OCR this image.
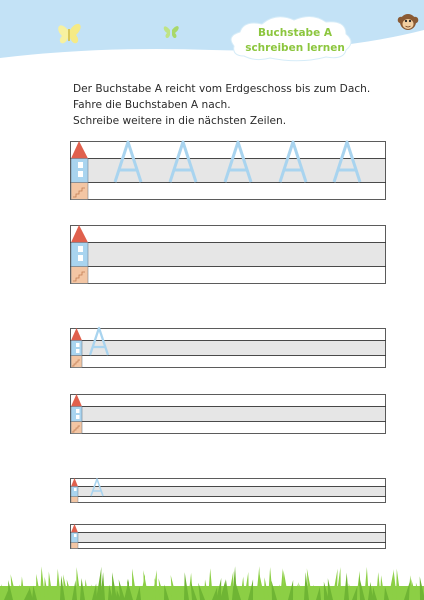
Buchstabe A
schreiben lernen
Der Buchstabe A reicht vom Erdgeschoss bis zum Dach.
Fahre die Buchstaben A nach.
Schreibe weitere in die nächsten Zeilen.
